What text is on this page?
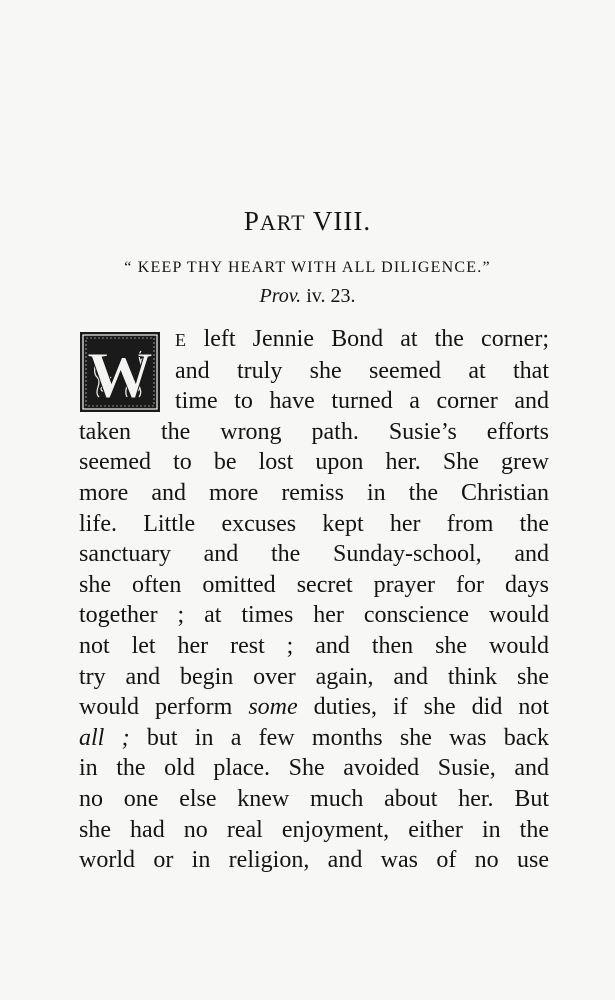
PART VIII.
“ KEEP THY HEART WITH ALL DILIGENCE.”
Prov. iv. 23.
W E left Jennie Bond at the corner;
and truly she seemed at that
time to have turned a corner and
taken the wrong path. Susie’s efforts
seemed to be lost upon her. She grew
more and more remiss in the Christian
life. Little excuses kept her from the
sanctuary and the Sunday-school, and
she often omitted secret prayer for days
together ; at times her conscience would
not let her rest ; and then she would
try and begin over again, and think she
would perform some duties, if she did not
all ; but in a few months she was back
in the old place. She avoided Susie, and
no one else knew much about her. But
she had no real enjoyment, either in the
world or in religion, and was of no use
